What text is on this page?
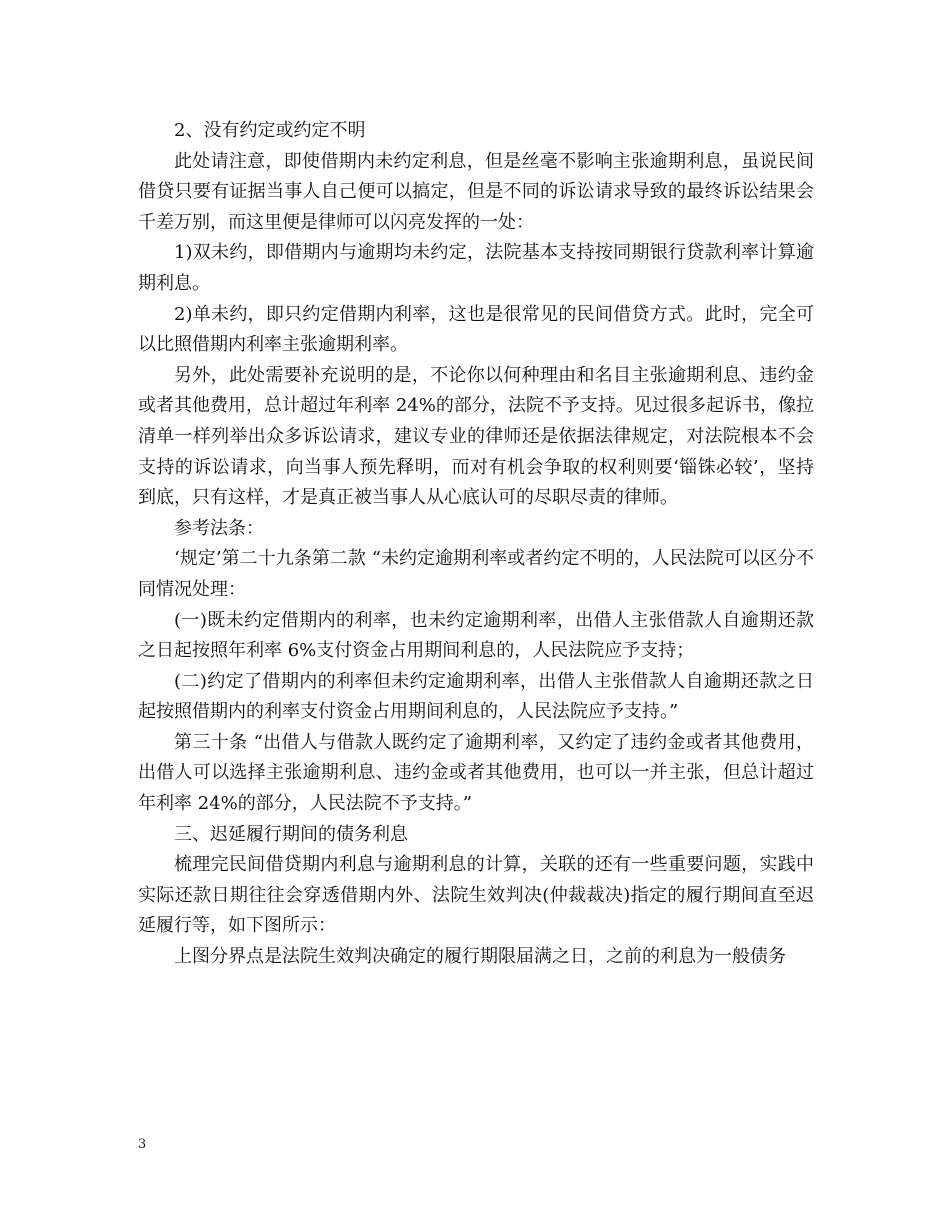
2、没有约定或约定不明

此处请注意，即使借期内未约定利息，但是丝毫不影响主张逾期利息，虽说民间借贷只要有证据当事人自己便可以搞定，但是不同的诉讼请求导致的最终诉讼结果会千差万别，而这里便是律师可以闪亮发挥的一处：

1)双未约，即借期内与逾期均未约定，法院基本支持按同期银行贷款利率计算逾期利息。

2)单未约，即只约定借期内利率，这也是很常见的民间借贷方式。此时，完全可以比照借期内利率主张逾期利率。

另外，此处需要补充说明的是，不论你以何种理由和名目主张逾期利息、违约金或者其他费用，总计超过年利率 24%的部分，法院不予支持。见过很多起诉书，像拉清单一样列举出众多诉讼请求，建议专业的律师还是依据法律规定，对法院根本不会支持的诉讼请求，向当事人预先释明，而对有机会争取的权利则要‘锱铢必较’，坚持到底，只有这样，才是真正被当事人从心底认可的尽职尽责的律师。

参考法条：

‘规定’第二十九条第二款 “未约定逾期利率或者约定不明的，人民法院可以区分不同情况处理：

(一)既未约定借期内的利率，也未约定逾期利率，出借人主张借款人自逾期还款之日起按照年利率 6%支付资金占用期间利息的，人民法院应予支持；

(二)约定了借期内的利率但未约定逾期利率，出借人主张借款人自逾期还款之日起按照借期内的利率支付资金占用期间利息的，人民法院应予支持。”

第三十条 “出借人与借款人既约定了逾期利率，又约定了违约金或者其他费用，出借人可以选择主张逾期利息、违约金或者其他费用，也可以一并主张，但总计超过年利率 24%的部分，人民法院不予支持。”

三、迟延履行期间的债务利息

梳理完民间借贷期内利息与逾期利息的计算，关联的还有一些重要问题，实践中实际还款日期往往会穿透借期内外、法院生效判决(仲裁裁决)指定的履行期间直至迟延履行等，如下图所示：

上图分界点是法院生效判决确定的履行期限届满之日，之前的利息为一般债务

3
